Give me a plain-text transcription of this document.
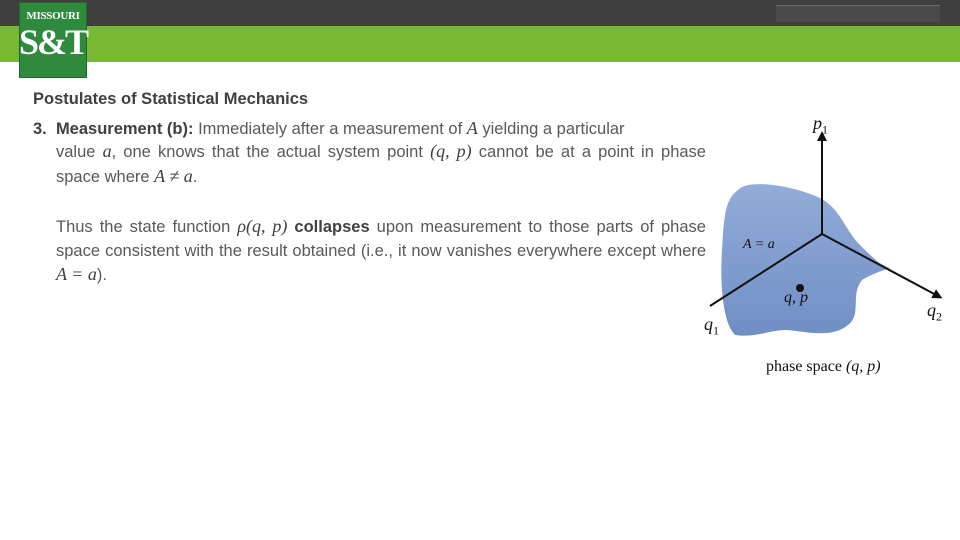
MISSOURI
S&T
Postulates of Statistical Mechanics
3. Measurement (b): Immediately after a measurement of A yielding a particular
value a, one knows that the actual system point (q, p) cannot be at a point in phase space where A ≠ a.
Thus the state function ρ(q, p) collapses upon measurement to those parts of phase space consistent with the result obtained (i.e., it now vanishes everywhere except where A = a).
$p_1$
$q_2$
$q_1$
A = a
q, p
phase space (q, p)
